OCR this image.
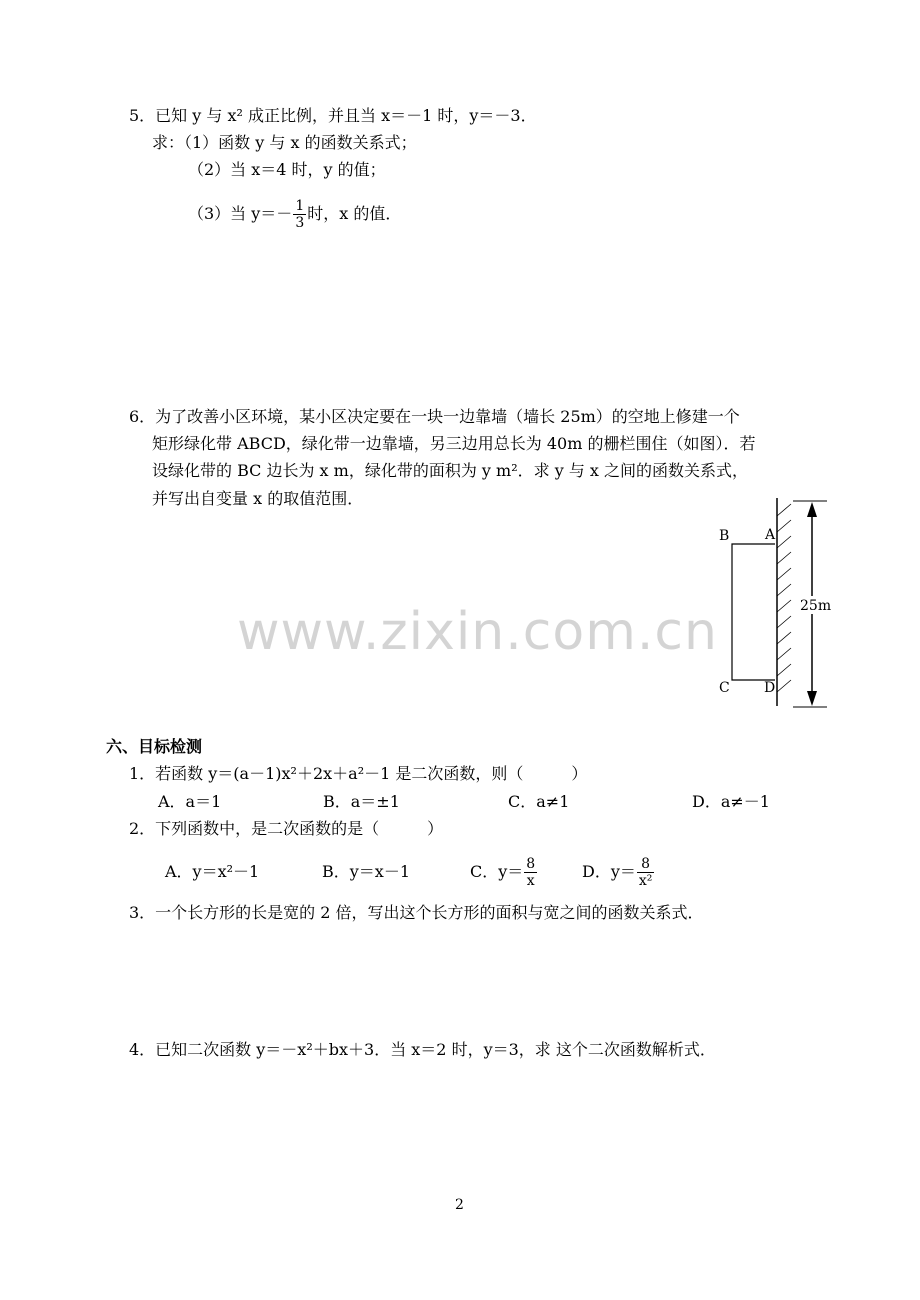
www.zixin.com.cn
5．已知 y 与 x² 成正比例，并且当 x＝－1 时，y＝－3．
求：（1）函数 y 与 x 的函数关系式；
（2）当 x＝4 时，y 的值；
（3）当 $y=- \frac{1}{3}$ 时，x 的值．
6．为了改善小区环境，某小区决定要在一块一边靠墙（墙长 25m）的空地上修建一个
矩形绿化带 ABCD，绿化带一边靠墙，另三边用总长为 40m 的栅栏围住（如图）．若
设绿化带的 BC 边长为 x m，绿化带的面积为 y m²．求 y 与 x 之间的函数关系式，
并写出自变量 x 的取值范围．
B	A
C D
25m
六、目标检测
1．若函数 y＝(a－1)x²＋2x＋a²－1 是二次函数，则（　　　）
A．a＝1	B．a＝±1	C．a≠1	D．a≠－1
2．下列函数中，是二次函数的是（　　　）
A．y＝x²－1	B．y＝x－1	C．$y= \frac{8}{x}$	D．$y= \frac{8}{\text{x²}}$
3．一个长方形的长是宽的 2 倍，写出这个长方形的面积与宽之间的函数关系式．
4．已知二次函数 y＝－x²＋bx＋3．当 x＝2 时，y＝3，求 这个二次函数解析式．
2
